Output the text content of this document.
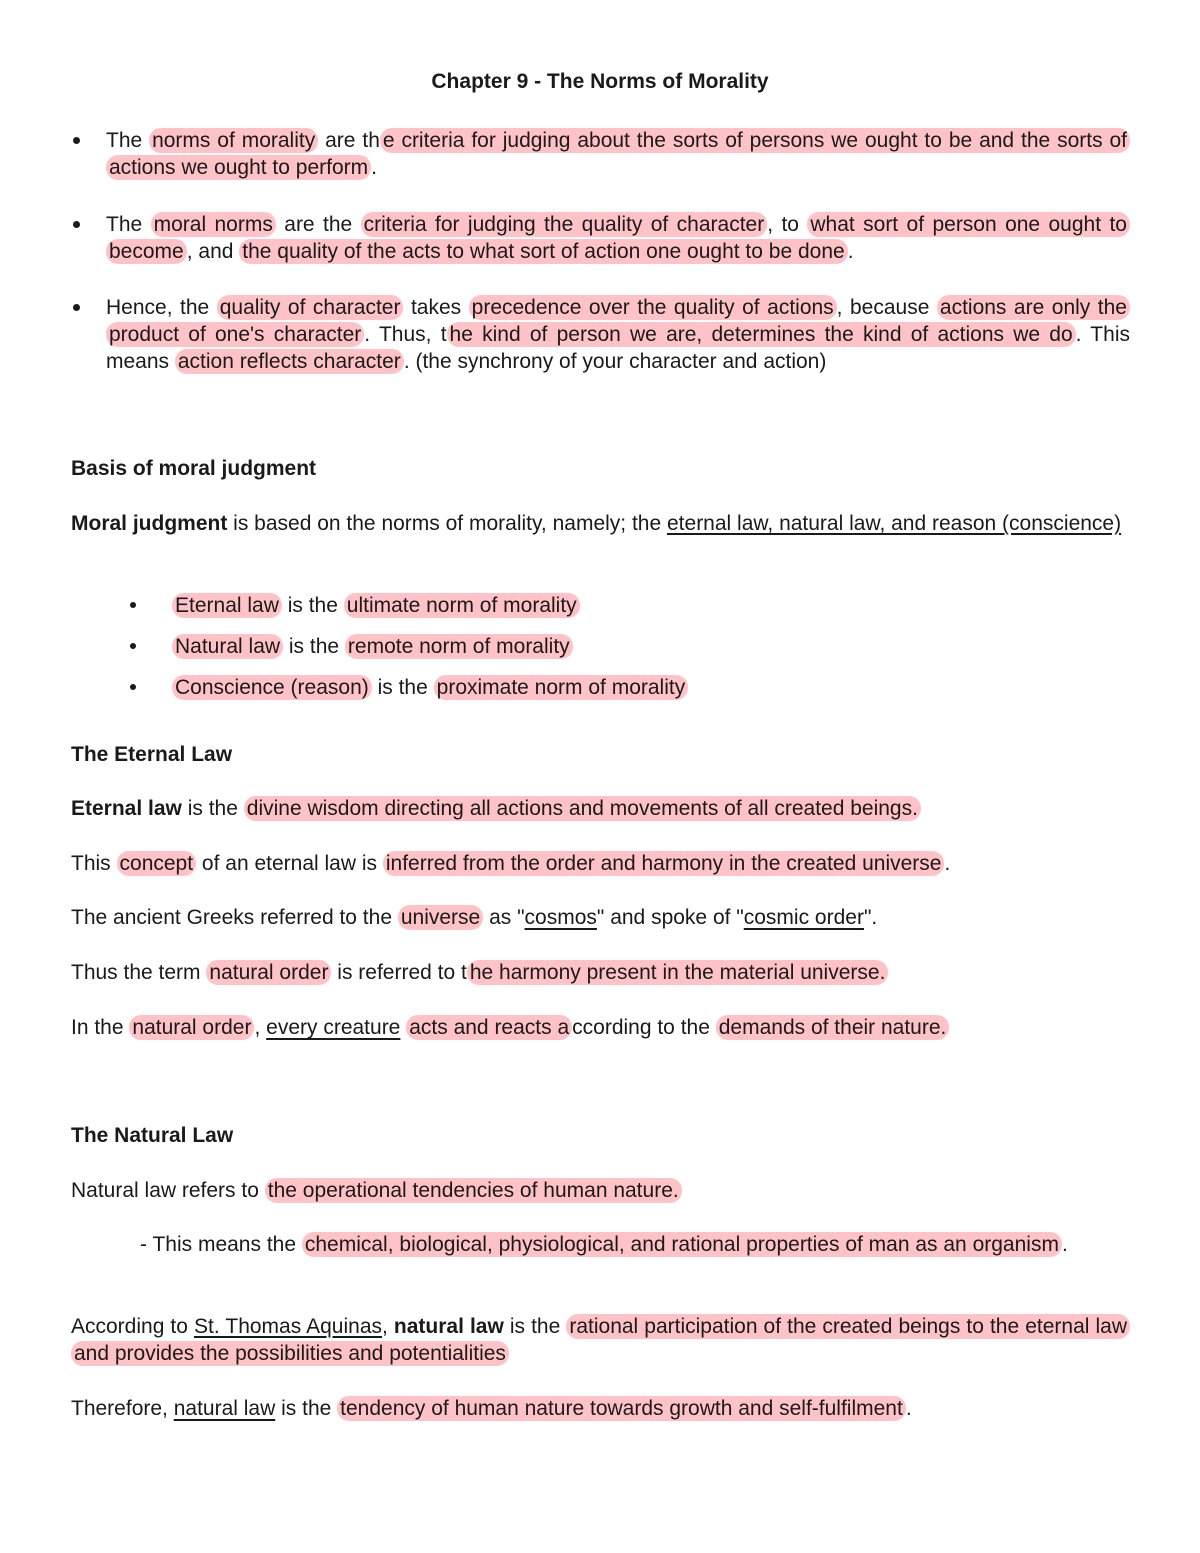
Chapter 9 - The Norms of Morality
The norms of morality are th e criteria for judging about the sorts of persons we ought to be and the sorts of actions we ought to perform .
The moral norms are the criteria for judging the quality of character , to what sort of person one ought to become , and the quality of the acts to what sort of action one ought to be done .
Hence, the quality of character takes precedence over the quality of actions , because actions are only the product of one's character . Thus, t he kind of person we are, determines the kind of actions we do . This means action reflects character . (the synchrony of your character and action)
Basis of moral judgment
Moral judgment is based on the norms of morality, namely; the eternal law, natural law, and reason (conscience)
Eternal law is the ultimate norm of morality
Natural law is the remote norm of morality
Conscience (reason) is the proximate norm of morality
The Eternal Law
Eternal law is the divine wisdom directing all actions and movements of all created beings.
This concept of an eternal law is inferred from the order and harmony in the created universe .
The ancient Greeks referred to the universe as "cosmos" and spoke of "cosmic order".
Thus the term natural order is referred to t he harmony present in the material universe.
In the natural order , every creature acts and reacts a ccording to the demands of their nature.
The Natural Law
Natural law refers to the operational tendencies of human nature.
- This means the chemical, biological, physiological, and rational properties of man as an organism .
According to St. Thomas Aquinas, natural law is the rational participation of the created beings to the eternal law and provides the possibilities and potentialities
Therefore, natural law is the tendency of human nature towards growth and self-fulfilment .
